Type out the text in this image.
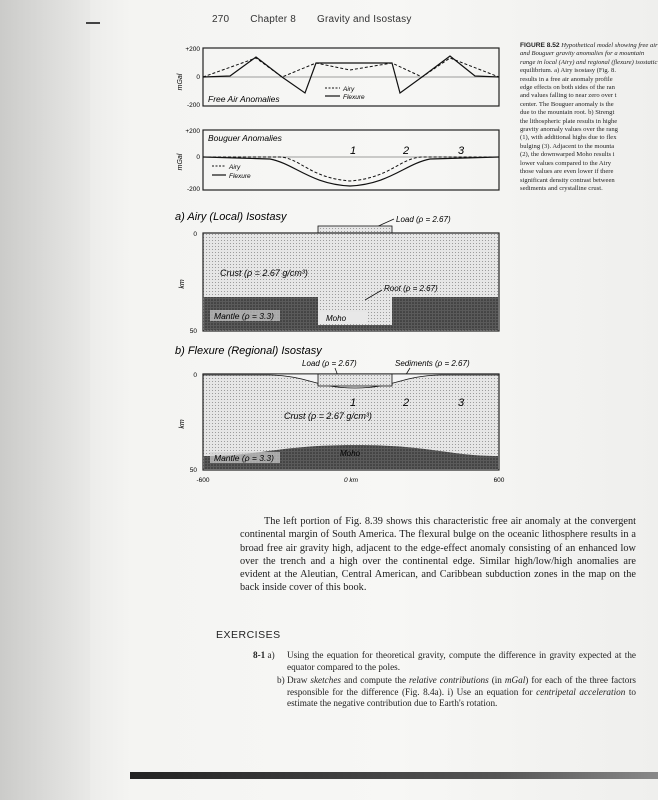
270 Chapter 8 Gravity and Isostasy
+200
0
-200
mGal
Free Air Anomalies
Airy
Flexure
+200
0
-200
mGal
Bouguer Anomalies
Airy
Flexure
1	2	3
a) Airy (Local) Isostasy	Load (ρ = 2.67)
Crust (ρ = 2.67 g/cm³)
Root (ρ = 2.67)
Mantle (ρ = 3.3)	Moho
0
50
km
b) Flexure (Regional) Isostasy
Load (ρ = 2.67)	Sediments (ρ = 2.67)
Mantle (ρ = 3.3)	Moho
Crust (ρ = 2.67 g/cm³)
1	2	3
0
50
km
-600	0 km	600
FIGURE 8.52 Hypothetical model showing free air and Bouguer gravity anomalies for a mountain range in local (Airy) and regional (flexure) isostatic
equilibrium. a) Airy isostasy (Fig. 8.
results in a free air anomaly profile
edge effects on both sides of the ran
and values falling to near zero over t
center. The Bouguer anomaly is the
due to the mountain root. b) Strengt
the lithospheric plate results in highe
gravity anomaly values over the rang
(1), with additional highs due to flex
bulging (3). Adjacent to the mounta
(2), the downwarped Moho results i
lower values compared to the Airy
those values are even lower if there
significant density contrast between
sediments and crystalline crust.
The left portion of Fig. 8.39 shows this characteristic free air anomaly at the convergent continental margin of South America. The flexural bulge on the oceanic lithosphere results in a broad free air gravity high, adjacent to the edge-effect anomaly consisting of an enhanced low over the trench and a high over the continental edge. Similar high/low/high anomalies are evident at the Aleutian, Central American, and Caribbean subduction zones in the map on the back inside cover of this book.
EXERCISES
8-1 a) Using the equation for theoretical gravity, compute the difference in gravity expected at the equator compared to the poles.
b) Draw sketches and compute the relative contributions (in mGal) for each of the three factors responsible for the difference (Fig. 8.4a). i) Use an equation for centripetal acceleration to estimate the negative contribution due to Earth's rotation.
